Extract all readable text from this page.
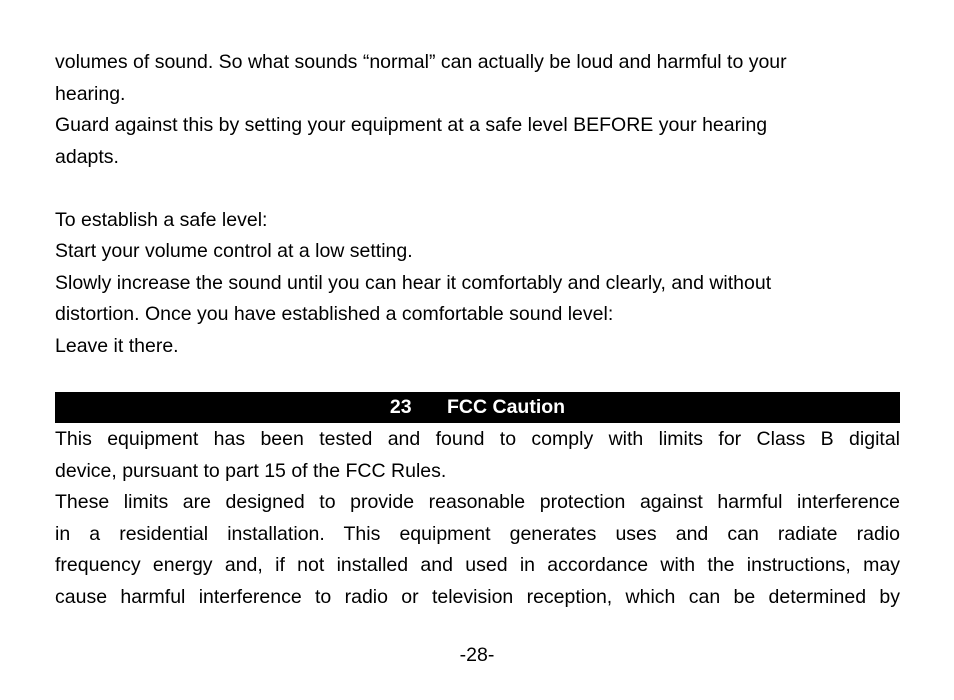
volumes of sound. So what sounds “normal” can actually be loud and harmful to your
hearing.
Guard against this by setting your equipment at a safe level BEFORE your hearing
adapts.
To establish a safe level:
Start your volume control at a low setting.
Slowly increase the sound until you can hear it comfortably and clearly, and without
distortion. Once you have established a comfortable sound level:
Leave it there.
23 FCC Caution
This equipment has been tested and found to comply with limits for Class B digital
device, pursuant to part 15 of the FCC Rules.
These limits are designed to provide reasonable protection against harmful interference
in a residential installation. This equipment generates uses and can radiate radio
frequency energy and, if not installed and used in accordance with the instructions, may
cause harmful interference to radio or television reception, which can be determined by
-28-
